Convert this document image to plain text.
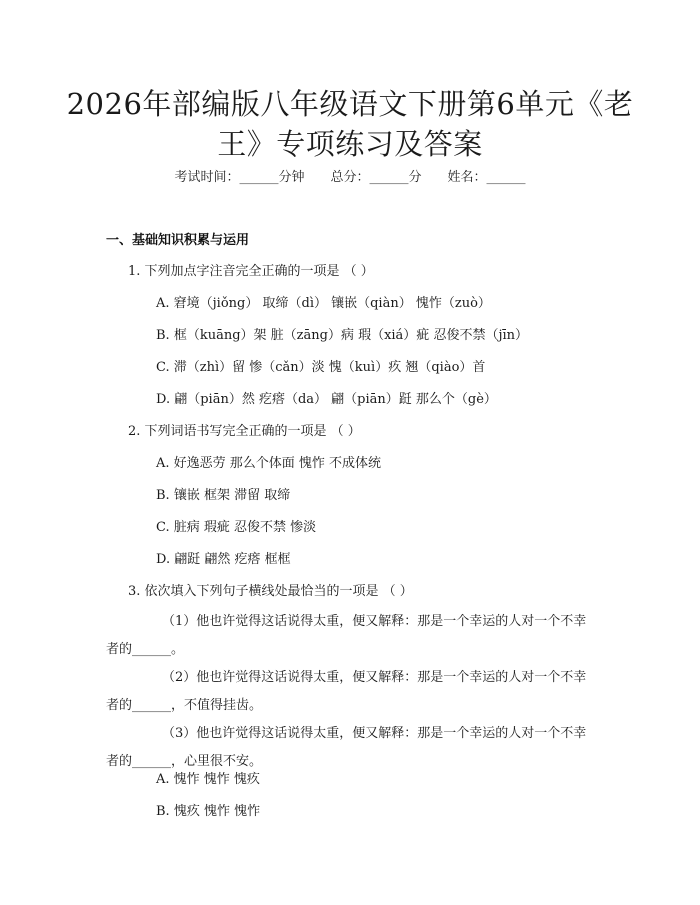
2026年部编版八年级语文下册第6单元《老
王》专项练习及答案
考试时间：______分钟 总分：______分 姓名：______
一、基础知识积累与运用
1. 下列加点字注音完全正确的一项是 （ ）
A. 窘境（jiǒng） 取缔（dì） 镶嵌（qiàn） 愧怍（zuò）
B. 框（kuāng）架 脏（zāng）病 瑕（xiá）疵 忍俊不禁（jīn）
C. 滞（zhì）留 惨（cǎn）淡 愧（kuì）疚 翘（qiào）首
D. 翩（piān）然 疙瘩（da） 翩（piān）跹 那么个（gè）
2. 下列词语书写完全正确的一项是 （ ）
A. 好逸恶劳 那么个体面 愧怍 不成体统
B. 镶嵌 框架 滞留 取缔
C. 脏病 瑕疵 忍俊不禁 惨淡
D. 翩跹 翩然 疙瘩 框框
3. 依次填入下列句子横线处最恰当的一项是 （ ）
（1）他也许觉得这话说得太重，便又解释：那是一个幸运的人对一个不幸者的______。
（2）他也许觉得这话说得太重，便又解释：那是一个幸运的人对一个不幸者的______，不值得挂齿。
（3）他也许觉得这话说得太重，便又解释：那是一个幸运的人对一个不幸者的______，心里很不安。
A. 愧怍 愧怍 愧疚
B. 愧疚 愧怍 愧怍
